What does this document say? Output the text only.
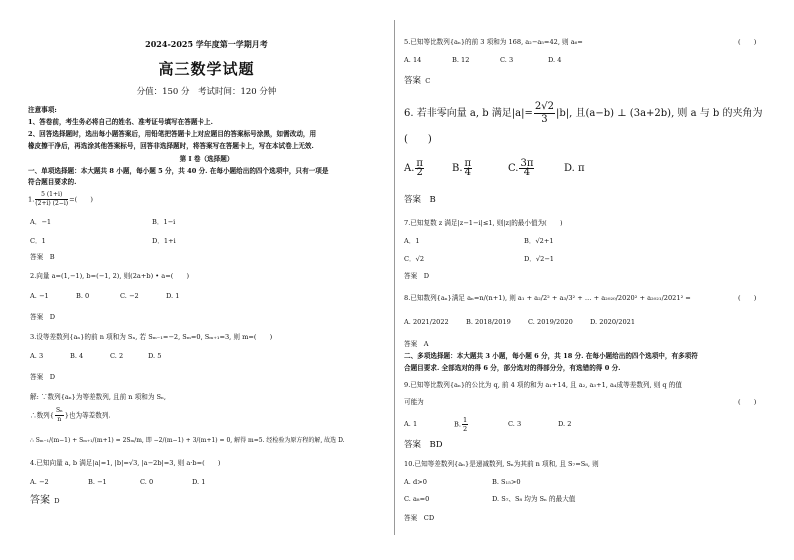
2024-2025 学年度第一学期月考
高三数学试题
分值：150 分　考试时间：120 分钟
注意事项:
1、答卷前，考生务必将自己的姓名、准考证号填写在答题卡上.
2、回答选择题时，选出每小题答案后，用铅笔把答题卡上对应题目的答案标号涂黑，如需改动，用
橡皮擦干净后，再选涂其他答案标号，回答非选择题时，将答案写在答题卡上，写在本试卷上无效.
第 I 卷（选择题）
一、单项选择题：本大题共 8 小题，每小题 5 分，共 40 分. 在每小题给出的四个选项中，只有一项是
符合题目要求的.
1. $\frac{5 (1+i)}{(2+i) (2-i)}$ =(　　)
A．−1	B．1−i
C．1	D．1+i
答案　B
2.向量 a=(1,−1), b=(−1, 2), 则(2a+b) • a=(　　)
A. −1	B. 0	C. −2	D. 1
答案　D
3.设等差数列{aₙ}的前 n 项和为 Sₙ, 若 Sₘ₋₁=−2, Sₘ=0, Sₘ₊₁=3, 则 m=(　　)
A. 3	B. 4	C. 2	D. 5
答案　D
解: ∵数列{aₙ}为等差数列, 且前 n 项和为 Sₙ,
∴数列{ $\frac{\text{Sₙ}}{n}$ }也为等差数列.
∴ Sₘ₋₁/(m−1) + Sₘ₊₁/(m+1) = 2Sₘ/m, 即 −2/(m−1) + 3/(m+1) = 0, 解得 m=5. 经检验为原方程的解, 故选 D.
4.已知向量 a, b 满足|a|=1, |b|=√3, |a−2b|=3, 则 a·b=(　　)
A. −2	B. −1	C. 0	D. 1
答案 D
5.已知等比数列{aₙ}的前 3 项和为 168, a₂−a₅=42, 则 a₆=	(　　)
A. 14	B. 12	C. 3	D. 4
答案 C
6. 若非零向量 a, b 满足$|a|= \frac{2√2}{3} |b|$, 且(a−b) ⊥ (3a+2b), 则 a 与 b 的夹角为
(　　)
A. $\frac{\pi}{2}$	B. $\frac{\pi}{4}$	C. $\frac{3\pi}{4}$	D. π
答案　B
7.已知复数 z 满足|z−1−i|≤1, 则|z|的最小值为(　　)
A．1	B．√2+1
C．√2	D．√2−1
答案　D
8.已知数列{aₙ}满足 aₙ=n/(n+1), 则 a₁ + a₂/2² + a₃/3² + … + a₂₀₂₀/2020² + a₂₀₂₁/2021² =	(　　)
A. 2021/2022	B. 2018/2019	C. 2019/2020	D. 2020/2021
答案　A
二、多项选择题：本大题共 3 小题，每小题 6 分，共 18 分. 在每小题给出的四个选项中，有多项符
合题目要求. 全部选对的得 6 分，部分选对的得部分分，有选错的得 0 分.
9.已知等比数列{aₙ}的公比为 q, 前 4 项的和为 a₁+14, 且 a₂, a₃+1, a₄成等差数列, 则 q 的值
可能为	(　　)
A. 1	B. $\frac{1}{2}$	C. 3	D. 2
答案　BD
10.已知等差数列{aₙ}是递减数列, Sₙ为其前 n 项和, 且 S₇=S₈, 则
A. d>0	B. S₁₅>0
C. a₈=0	D. S₇、S₈ 均为 Sₙ 的最大值
答案　CD
